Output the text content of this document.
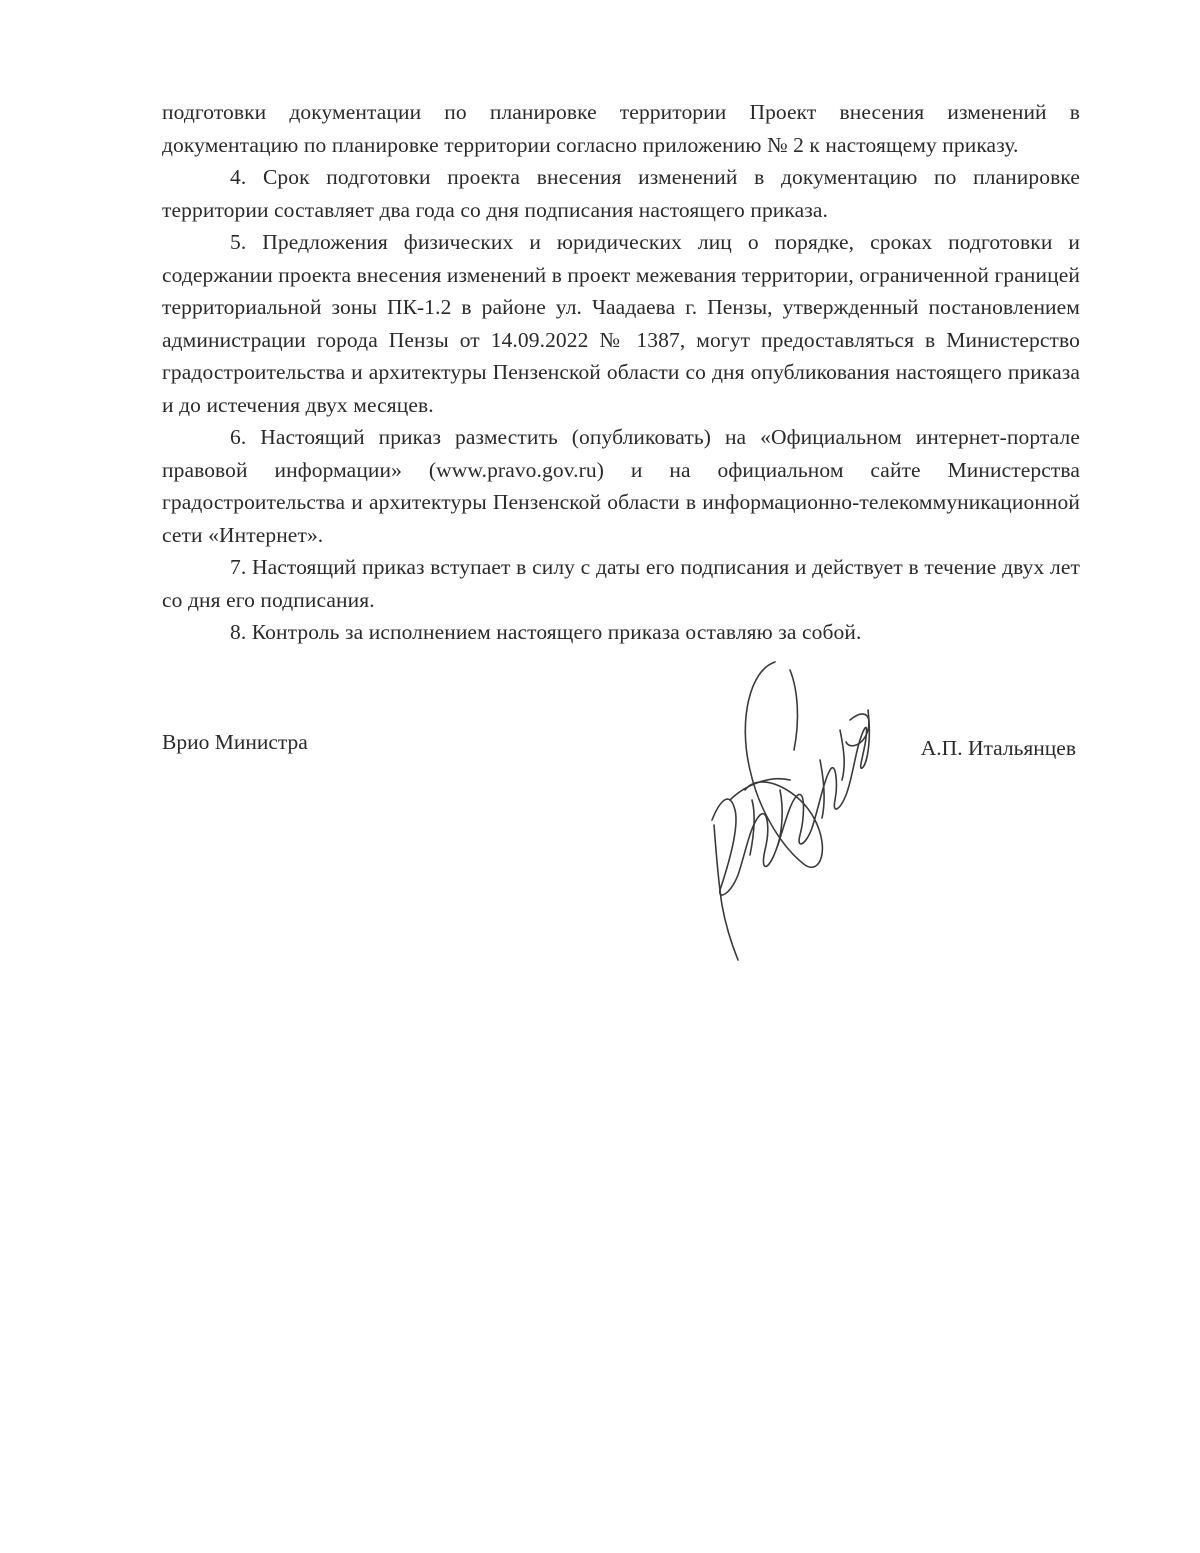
подготовки документации по планировке территории Проект внесения изменений в документацию по планировке территории согласно приложению № 2 к настоящему приказу.

4. Срок подготовки проекта внесения изменений в документацию по планировке территории составляет два года со дня подписания настоящего приказа.

5. Предложения физических и юридических лиц о порядке, сроках подготовки и содержании проекта внесения изменений в проект межевания территории, ограниченной границей территориальной зоны ПК-1.2 в районе ул. Чаадаева г. Пензы, утвержденный постановлением администрации города Пензы от 14.09.2022 № 1387, могут предоставляться в Министерство градостроительства и архитектуры Пензенской области со дня опубликования настоящего приказа и до истечения двух месяцев.

6. Настоящий приказ разместить (опубликовать) на «Официальном интернет-портале правовой информации» (www.pravo.gov.ru) и на официальном сайте Министерства градостроительства и архитектуры Пензенской области в информационно-телекоммуникационной сети «Интернет».

7. Настоящий приказ вступает в силу с даты его подписания и действует в течение двух лет со дня его подписания.

8. Контроль за исполнением настоящего приказа оставляю за собой.

Врио Министра	А.П. Итальянцев
